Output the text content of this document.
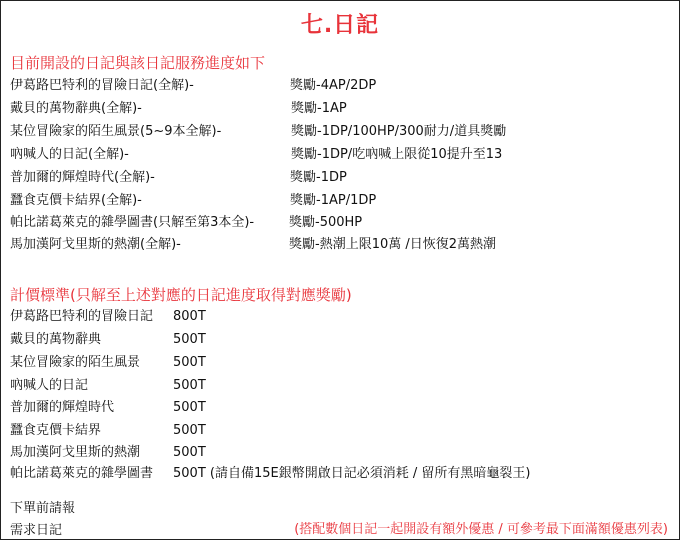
七.日記
目前開設的日記與該日記服務進度如下
伊葛路巴特利的冒險日記(全解)-	獎勵-4AP/2DP
戴貝的萬物辭典(全解)-	獎勵-1AP
某位冒險家的陌生風景(5~9本全解)-	獎勵-1DP/100HP/300耐力/道具獎勵
吶喊人的日記(全解)-	獎勵-1DP/吃吶喊上限從10提升至13
普加爾的輝煌時代(全解)-	獎勵-1DP
蠶食克價卡結界(全解)-	獎勵-1AP/1DP
帕比諾葛萊克的雜學圖書(只解至第3本全)-	獎勵-500HP
馬加漢阿戈里斯的熱潮(全解)-	獎勵-熱潮上限10萬 /日恢復2萬熱潮
計價標準(只解至上述對應的日記進度取得對應獎勵)
伊葛路巴特利的冒險日記 800T
戴貝的萬物辭典	500T
某位冒險家的陌生風景	500T
吶喊人的日記	500T
普加爾的輝煌時代	500T
蠶食克價卡結界	500T
馬加漢阿戈里斯的熱潮	500T
帕比諾葛萊克的雜學圖書 500T (請自備15E銀幣開啟日記必須消耗 / 留所有黑暗龜裂王)
下單前請報
需求日記	(搭配數個日記一起開設有額外優惠 / 可參考最下面滿額優惠列表)
